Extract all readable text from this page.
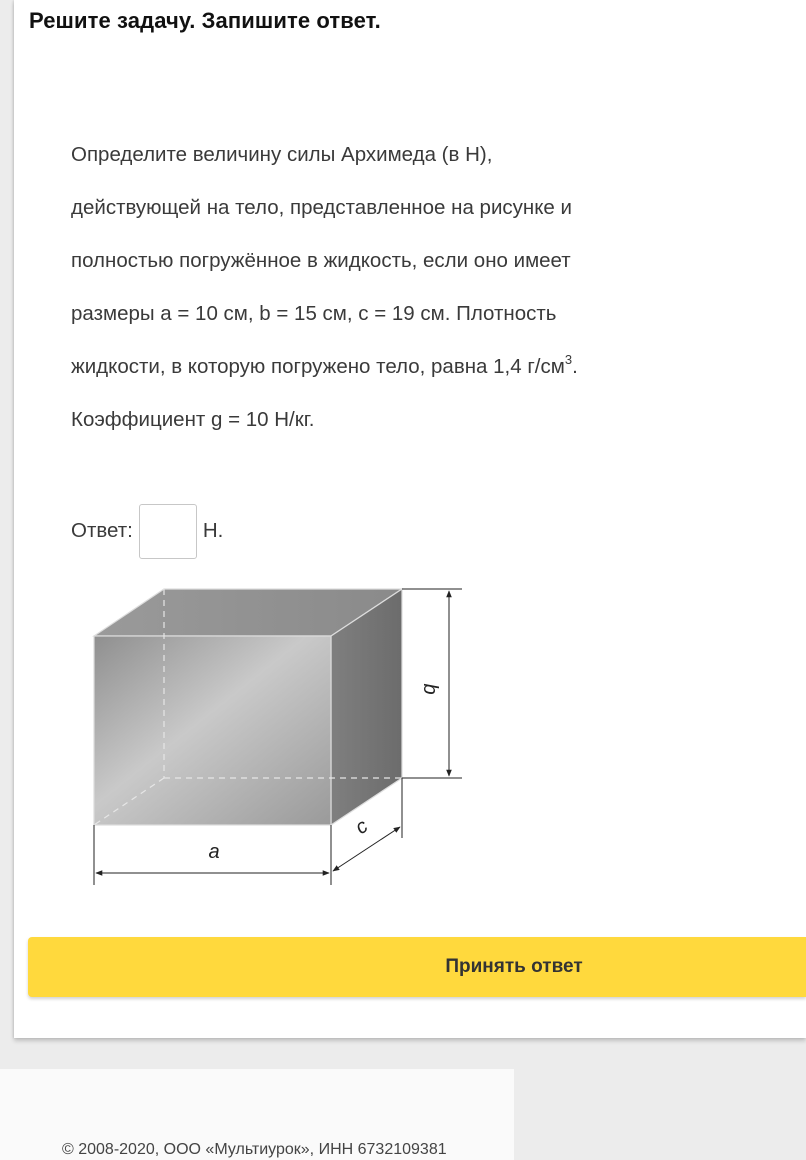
Решите задачу. Запишите ответ.
Определите величину силы Архимеда (в Н),
действующей на тело, представленное на рисунке и
полностью погружённое в жидкость, если оно имеет
размеры a = 10 см, b = 15 см, c = 19 см. Плотность
жидкости, в которую погружено тело, равна 1,4 $г/см^3$.
Коэффициент g = 10 Н/кг.
Ответ:	Н.
a
b
c
Принять ответ
© 2008-2020, ООО «Мультиурок», ИНН 6732109381
